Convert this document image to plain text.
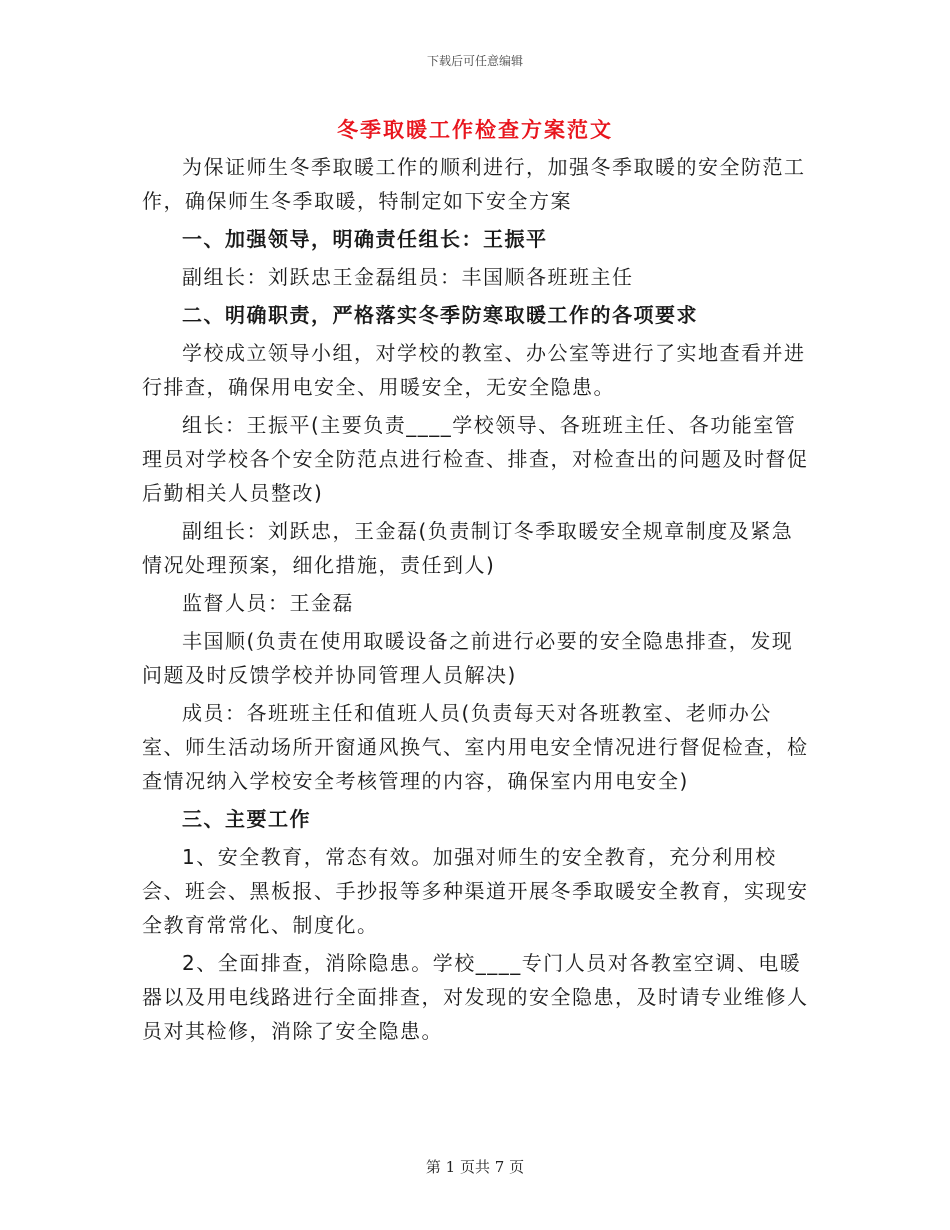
下载后可任意编辑
冬季取暖工作检查方案范文

为保证师生冬季取暖工作的顺利进行，加强冬季取暖的安全防范工作，确保师生冬季取暖，特制定如下安全方案

一、加强领导，明确责任组长：王振平

副组长：刘跃忠王金磊组员：丰国顺各班班主任

二、明确职责，严格落实冬季防寒取暖工作的各项要求

学校成立领导小组，对学校的教室、办公室等进行了实地查看并进行排查，确保用电安全、用暖安全，无安全隐患。

组长：王振平(主要负责____学校领导、各班班主任、各功能室管理员对学校各个安全防范点进行检查、排查，对检查出的问题及时督促后勤相关人员整改)

副组长：刘跃忠，王金磊(负责制订冬季取暖安全规章制度及紧急情况处理预案，细化措施，责任到人)

监督人员：王金磊

丰国顺(负责在使用取暖设备之前进行必要的安全隐患排查，发现问题及时反馈学校并协同管理人员解决)

成员：各班班主任和值班人员(负责每天对各班教室、老师办公室、师生活动场所开窗通风换气、室内用电安全情况进行督促检查，检查情况纳入学校安全考核管理的内容，确保室内用电安全)

三、主要工作

1、安全教育，常态有效。加强对师生的安全教育，充分利用校会、班会、黑板报、手抄报等多种渠道开展冬季取暖安全教育，实现安全教育常常化、制度化。

2、全面排查，消除隐患。学校____专门人员对各教室空调、电暖器以及用电线路进行全面排查，对发现的安全隐患，及时请专业维修人员对其检修，消除了安全隐患。

第 1 页共 7 页
